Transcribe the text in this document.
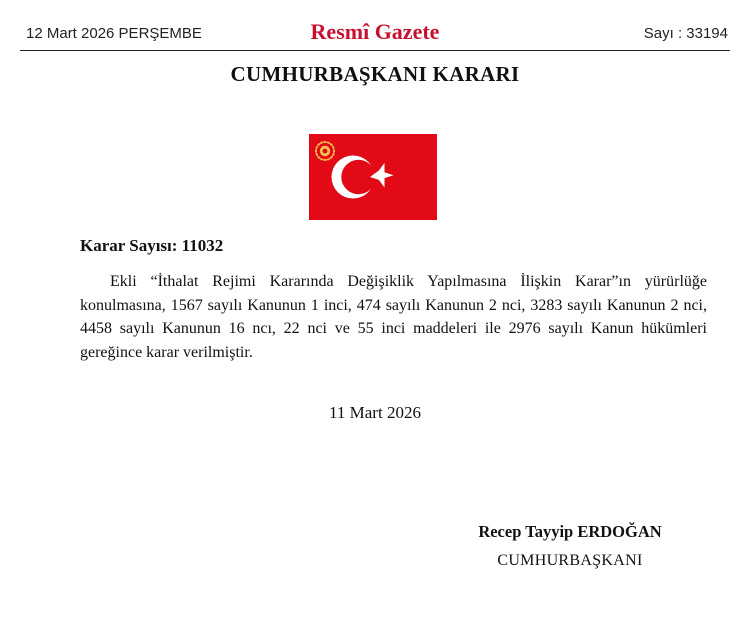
12 Mart 2026 PERŞEMBE	Resmî Gazete	Sayı : 33194
CUMHURBAŞKANI KARARI
Karar Sayısı: 11032

Ekli “İthalat Rejimi Kararında Değişiklik Yapılmasına İlişkin Karar”ın yürürlüğe konulmasına, 1567 sayılı Kanunun 1 inci, 474 sayılı Kanunun 2 nci, 3283 sayılı Kanunun 2 nci, 4458 sayılı Kanunun 16 ncı, 22 nci ve 55 inci maddeleri ile 2976 sayılı Kanun hükümleri gereğince karar verilmiştir.

11 Mart 2026
Recep Tayyip ERDOĞAN
CUMHURBAŞKANI
